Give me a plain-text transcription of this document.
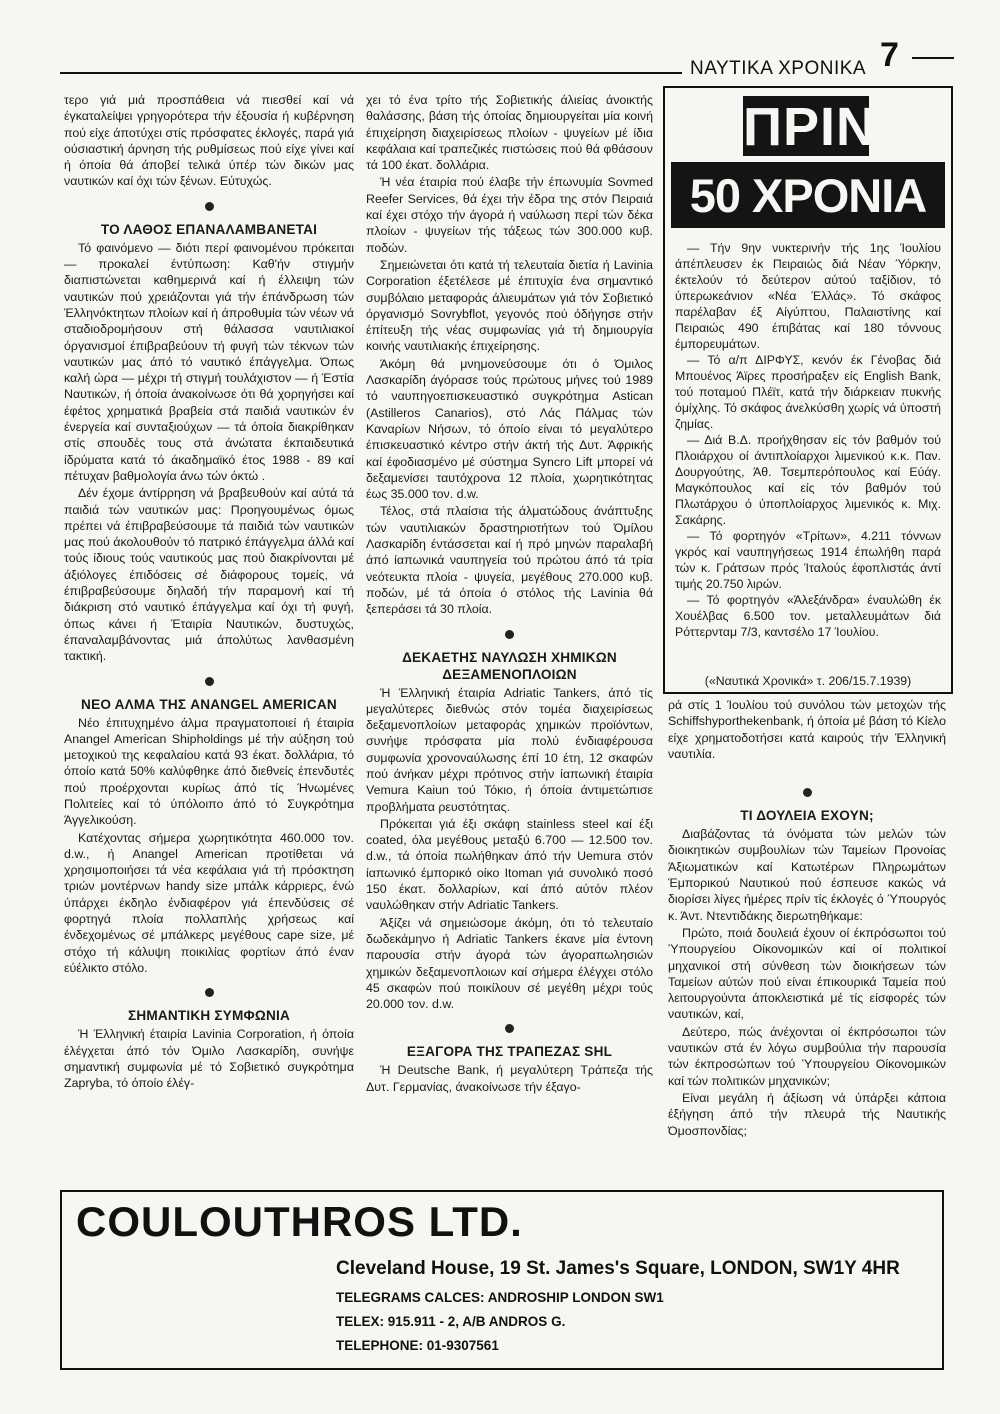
ΝΑΥΤΙΚΑ ΧΡΟΝΙΚΑ 7

τερο γιά μιά προσπάθεια νά πιεσθεί καί νά έγκαταλείψει γρηγορότερα τήν έξουσία ή κυβέρνηση πού είχε άποτύχει στίς πρόσφατες έκλογές, παρά γιά ούσιαστική άρνηση τής ρυθμίσεως πού είχε γίνει καί ή όποία θά άποβεί τελικά ύπέρ τών δικών μας ναυτικών καί όχι τών ξένων. Εύτυχώς.

ΤΟ ΛΑΘΟΣ ΕΠΑΝΑΛΑΜΒΑΝΕΤΑΙ

Τό φαινόμενο — διότι περί φαινομένου πρόκειται — προκαλεί έντύπωση: Καθ'ήν στιγμήν διαπιστώνεται καθημερινά καί ή έλλειψη τών ναυτικών πού χρειάζονται γιά τήν έπάνδρωση τών Έλληνόκτητων πλοίων καί ή άπροθυμία τών νέων νά σταδιοδρομήσουν στή θάλασσα ναυτιλιακοί όργανισμοί έπιβραβεύουν τή φυγή τών τέκνων τών ναυτικών μας άπό τό ναυτικό έπάγγελμα. Όπως καλή ώρα — μέχρι τή στιγμή τουλάχιστον — ή Έστία Ναυτικών, ή όποία άνακοίνωσε ότι θά χορηγήσει καί έφέτος χρηματικά βραβεία στά παιδιά ναυτικών έν ένεργεία καί συνταξιούχων — τά όποία διακρίθηκαν στίς σπουδές τους στά άνώτατα έκπαιδευτικά ίδρύματα κατά τό άκαδημαϊκό έτος 1988 - 89 καί πέτυχαν βαθμολογία άνω τών όκτώ .

Δέν έχομε άντίρρηση νά βραβευθούν καί αύτά τά παιδιά τών ναυτικών μας: Προηγουμένως όμως πρέπει νά έπιβραβεύσουμε τά παιδιά τών ναυτικών μας πού άκολουθούν τό πατρικό έπάγγελμα άλλά καί τούς ίδιους τούς ναυτικούς μας πού διακρίνονται μέ άξιόλογες έπιδόσεις σέ διάφορους τομείς, νά έπιβραβεύσουμε δηλαδή τήν παραμονή καί τή διάκριση στό ναυτικό έπάγγελμα καί όχι τή φυγή, όπως κάνει ή Έταιρία Ναυτικών, δυστυχώς, έπαναλαμβάνοντας μιά άπολύτως λανθασμένη τακτική.

ΝΕΟ ΑΛΜΑ ΤΗΣ ANANGEL AMERICAN

Νέο έπιτυχημένο άλμα πραγματοποιεί ή έταιρία Anangel American Shipholdings μέ τήν αύξηση τού μετοχικού της κεφαλαίου κατά 93 έκατ. δολλάρια, τό όποίο κατά 50% καλύφθηκε άπό διεθνείς έπενδυτές πού προέρχονται κυρίως άπό τίς Ήνωμένες Πολιτείες καί τό ύπόλοιπο άπό τό Συγκρότημα Άγγελικούση.

Κατέχοντας σήμερα χωρητικότητα 460.000 τον. d.w., ή Anangel American προτίθεται νά χρησιμοποιήσει τά νέα κεφάλαια γιά τή πρόσκτηση τριών μοντέρνων handy size μπάλκ κάρριερς, ένώ ύπάρχει έκδηλο ένδιαφέρον γιά έπενδύσεις σέ φορτηγά πλοία πολλαπλής χρήσεως καί ένδεχομένως σέ μπάλκερς μεγέθους cape size, μέ στόχο τή κάλυψη ποικιλίας φορτίων άπό έναν εύέλικτο στόλο.

ΣΗΜΑΝΤΙΚΗ ΣΥΜΦΩΝΙΑ

Ή Έλληνική έταιρία Lavinia Corporation, ή όποία έλέγχεται άπό τόν Όμιλο Λασκαρίδη, συνήψε σημαντική συμφωνία μέ τό Σοβιετικό συγκρότημα Zapryba, τό όποίο έλέγ-

χει τό ένα τρίτο τής Σοβιετικής άλιείας άνοικτής θαλάσσης, βάση τής όποίας δημιουργείται μία κοινή έπιχείρηση διαχειρίσεως πλοίων - ψυγείων μέ ίδια κεφάλαια καί τραπεζικές πιστώσεις πού θά φθάσουν τά 100 έκατ. δολλάρια.

Ή νέα έταιρία πού έλαβε τήν έπωνυμία Sovmed Reefer Services, θά έχει τήν έδρα της στόν Πειραιά καί έχει στόχο τήν άγορά ή ναύλωση περί τών δέκα πλοίων - ψυγείων τής τάξεως τών 300.000 κυβ. ποδών.

Σημειώνεται ότι κατά τή τελευταία διετία ή Lavinia Corporation έξετέλεσε μέ έπιτυχία ένα σημαντικό συμβόλαιο μεταφοράς άλιευμάτων γιά τόν Σοβιετικό όργανισμό Sovrybflot, γεγονός πού όδήγησε στήν έπίτευξη τής νέας συμφωνίας γιά τή δημιουργία κοινής ναυτιλιακής έπιχείρησης.

Άκόμη θά μνημονεύσουμε ότι ό Όμιλος Λασκαρίδη άγόρασε τούς πρώτους μήνες τού 1989 τό ναυπηγοεπισκευαστικό συγκρότημα Astican (Astilleros Canarios), στό Λάς Πάλμας τών Καναρίων Νήσων, τό όποίο είναι τό μεγαλύτερο έπισκευαστικό κέντρο στήν άκτή τής Δυτ. Άφρικής καί έφοδιασμένο μέ σύστημα Syncro Lift μπορεί νά δεξαμενίσει ταυτόχρονα 12 πλοία, χωρητικότητας έως 35.000 τον. d.w.

Τέλος, στά πλαίσια τής άλματώδους άνάπτυξης τών ναυτιλιακών δραστηριοτήτων τού Όμίλου Λασκαρίδη έντάσσεται καί ή πρό μηνών παραλαβή άπό ίαπωνικά ναυπηγεία τού πρώτου άπό τά τρία νεότευκτα πλοία - ψυγεία, μεγέθους 270.000 κυβ. ποδών, μέ τά όποία ό στόλος τής Lavinia θά ξεπεράσει τά 30 πλοία.

ΔΕΚΑΕΤΗΣ ΝΑΥΛΩΣΗ ΧΗΜΙΚΩΝ ΔΕΞΑΜΕΝΟΠΛΟΙΩΝ

Ή Έλληνική έταιρία Adriatic Tankers, άπό τίς μεγαλύτερες διεθνώς στόν τομέα διαχειρίσεως δεξαμενοπλοίων μεταφοράς χημικών προϊόντων, συνήψε πρόσφατα μία πολύ ένδιαφέρουσα συμφωνία χρονοναύλωσης έπί 10 έτη, 12 σκαφών πού άνήκαν μέχρι πρότινος στήν ίαπωνική έταιρία Vemura Kaiun τού Τόκιο, ή όποία άντιμετώπισε προβλήματα ρευστότητας.

Πρόκειται γιά έξι σκάφη stainless steel καί έξι coated, όλα μεγέθους μεταξύ 6.700 — 12.500 τον. d.w., τά όποία πωλήθηκαν άπό τήν Uemura στόν ίαπωνικό έμπορικό οίκο Itoman γιά συνολικό ποσό 150 έκατ. δολλαρίων, καί άπό αύτόν πλέον ναυλώθηκαν στήν Adriatic Tankers.

Άξίζει νά σημειώσομε άκόμη, ότι τό τελευταίο δωδεκάμηνο ή Adriatic Tankers έκανε μία έντονη παρουσία στήν άγορά τών άγοραπωλησιών χημικών δεξαμενοπλοιων καί σήμερα έλέγχει στόλο 45 σκαφών πού ποικίλουν σέ μεγέθη μέχρι τούς 20.000 τον. d.w.

ΕΞΑΓΟΡΑ ΤΗΣ ΤΡΑΠΕΖΑΣ SHL

Ή Deutsche Bank, ή μεγαλύτερη Τράπεζα τής Δυτ. Γερμανίας, άνακοίνωσε τήν έξαγο-

ΠΡΙΝ
50 ΧΡΟΝΙΑ

— Τήν 9ην νυκτερινήν τής 1ης Ίουλίου άπέπλευσεν έκ Πειραιώς διά Νέαν Ύόρκην, έκτελούν τό δεύτερον αύτού ταξίδιον, τό ύπερωκεάνιον «Νέα Έλλάς». Τό σκάφος παρέλαβαν έξ Αίγύπτου, Παλαιστίνης καί Πειραιώς 490 έπιβάτας καί 180 τόννους έμπορευμάτων.

— Τό α/π ΔΙΡΦΥΣ, κενόν έκ Γένοβας διά Μπουένος Άϊρες προσήραξεν είς English Bank, τού ποταμού Πλέϊτ, κατά τήν διάρκειαν πυκνής όμίχλης. Τό σκάφος άνελκύσθη χωρίς νά ύποστή ζημίας.

— Διά Β.Δ. προήχθησαν είς τόν βαθμόν τού Πλοιάρχου οί άντιπλοίαρχοι λιμενικού κ.κ. Παν. Δουργούτης, Άθ. Τσεμπερόπουλος καί Εύάγ. Μαγκόπουλος καί είς τόν βαθμόν τού Πλωτάρχου ό ύποπλοίαρχος λιμενικός κ. Μιχ. Σακάρης.

— Τό φορτηγόν «Τρίτων», 4.211 τόννων γκρός καί ναυπηγήσεως 1914 έπωλήθη παρά τών κ. Γράτσων πρός Ίταλούς έφοπλιστάς άντί τιμής 20.750 λιρών.

— Τό φορτηγόν «Άλεξάνδρα» έναυλώθη έκ Χουέλβας 6.500 τον. μεταλλευμάτων διά Ρόττερνταμ 7/3, καντσέλο 17 Ίουλίου.

(«Ναυτικά Χρονικά» τ. 206/15.7.1939)

ρά στίς 1 Ίουλίου τού συνόλου τών μετοχών τής Schiffshyporthekenbank, ή όποία μέ βάση τό Κίελο είχε χρηματοδοτήσει κατά καιρούς τήν Έλληνική ναυτιλία.

ΤΙ ΔΟΥΛΕΙΑ ΕΧΟΥΝ;

Διαβάζοντας τά όνόματα τών μελών τών διοικητικών συμβουλίων τών Ταμείων Προνοίας Άξιωματικών καί Κατωτέρων Πληρωμάτων Έμπορικού Ναυτικού πού έσπευσε κακώς νά διορίσει λίγες ήμέρες πρίν τίς έκλογές ό Ύπουργός κ. Άντ. Ντεντιδάκης διερωτηθήκαμε:

Πρώτο, ποιά δουλειά έχουν οί έκπρόσωποι τού Ύπουργείου Οίκονομικών καί οί πολιτικοί μηχανικοί στή σύνθεση τών διοικήσεων τών Ταμείων αύτών πού είναι έπικουρικά Ταμεία πού λειτουργούντα άποκλειστικά μέ τίς είσφορές τών ναυτικών, καί,

Δεύτερο, πώς άνέχονται οί έκπρόσωποι τών ναυτικών στά έν λόγω συμβούλια τήν παρουσία τών έκπροσώπων τού Ύπουργείου Οίκονομικών καί τών πολιτικών μηχανικών;

Είναι μεγάλη ή άξίωση νά ύπάρξει κάποια έξήγηση άπό τήν πλευρά τής Ναυτικής Όμοσπονδίας;

COULOUTHROS LTD.
Cleveland House, 19 St. James's Square, LONDON, SW1Y 4HR
TELEGRAMS CALCES: ANDROSHIP LONDON SW1
TELEX: 915.911 - 2, A/B ANDROS G.
TELEPHONE: 01-9307561
